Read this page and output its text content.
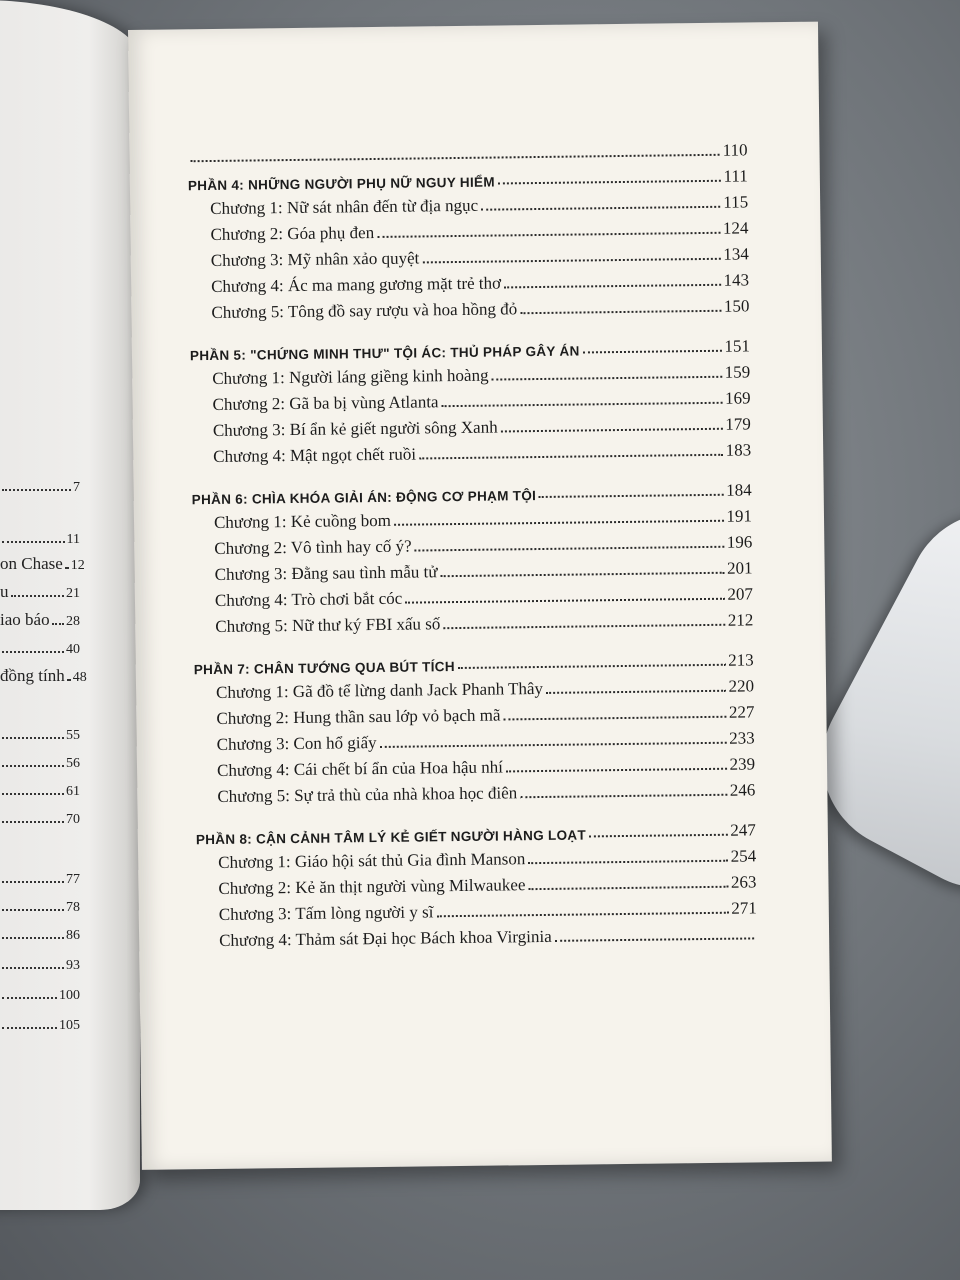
7
11
on Chase 12
u	21
iao báo 28
40
đồng tính 48
55
56
61
70
77
78
86
93
100
105
110
PHẦN 4: NHỮNG NGƯỜI PHỤ NỮ NGUY HIỂM	111
Chương 1: Nữ sát nhân đến từ địa ngục	115
Chương 2: Góa phụ đen	124
Chương 3: Mỹ nhân xảo quyệt	134
Chương 4: Ác ma mang gương mặt trẻ thơ	143
Chương 5: Tông đồ say rượu và hoa hồng đỏ	150
PHẦN 5: "CHỨNG MINH THƯ" TỘI ÁC: THỦ PHÁP GÂY ÁN	151
Chương 1: Người láng giềng kinh hoàng	159
Chương 2: Gã ba bị vùng Atlanta	169
Chương 3: Bí ẩn kẻ giết người sông Xanh	179
Chương 4: Mật ngọt chết ruồi	183
PHẦN 6: CHÌA KHÓA GIẢI ÁN: ĐỘNG CƠ PHẠM TỘI	184
Chương 1: Kẻ cuồng bom	191
Chương 2: Vô tình hay cố ý?	196
Chương 3: Đằng sau tình mẫu tử	201
Chương 4: Trò chơi bắt cóc	207
Chương 5: Nữ thư ký FBI xấu số	212
PHẦN 7: CHÂN TƯỚNG QUA BÚT TÍCH	213
Chương 1: Gã đồ tể lừng danh Jack Phanh Thây	220
Chương 2: Hung thần sau lớp vỏ bạch mã	227
Chương 3: Con hổ giấy	233
Chương 4: Cái chết bí ẩn của Hoa hậu nhí	239
Chương 5: Sự trả thù của nhà khoa học điên	246
PHẦN 8: CẬN CẢNH TÂM LÝ KẺ GIẾT NGƯỜI HÀNG LOẠT	247
Chương 1: Giáo hội sát thủ Gia đình Manson	254
Chương 2: Kẻ ăn thịt người vùng Milwaukee	263
Chương 3: Tấm lòng người y sĩ	271
Chương 4: Thảm sát Đại học Bách khoa Virginia
